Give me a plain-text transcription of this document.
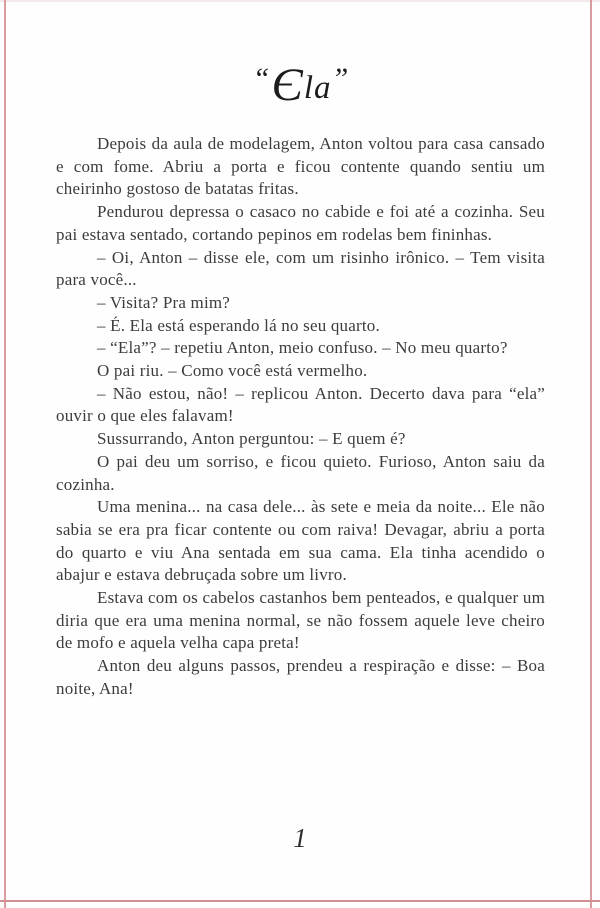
“Єla”

Depois da aula de modelagem, Anton voltou para casa cansado e com fome. Abriu a porta e ficou contente quando sentiu um cheirinho gostoso de batatas fritas.

Pendurou depressa o casaco no cabide e foi até a cozinha. Seu pai estava sentado, cortando pepinos em rodelas bem fininhas.

– Oi, Anton – disse ele, com um risinho irônico. – Tem visita para você...

– Visita? Pra mim?

– É. Ela está esperando lá no seu quarto.

– “Ela”? – repetiu Anton, meio confuso. – No meu quarto?

O pai riu. – Como você está vermelho.

– Não estou, não! – replicou Anton. Decerto dava para “ela” ouvir o que eles falavam!

Sussurrando, Anton perguntou: – E quem é?

O pai deu um sorriso, e ficou quieto. Furioso, Anton saiu da cozinha.

Uma menina... na casa dele... às sete e meia da noite... Ele não sabia se era pra ficar contente ou com raiva! Devagar, abriu a porta do quarto e viu Ana sentada em sua cama. Ela tinha acendido o abajur e estava debruçada sobre um livro.

Estava com os cabelos castanhos bem penteados, e qualquer um diria que era uma menina normal, se não fossem aquele leve cheiro de mofo e aquela velha capa preta!

Anton deu alguns passos, prendeu a respiração e disse: – Boa noite, Ana!

1
